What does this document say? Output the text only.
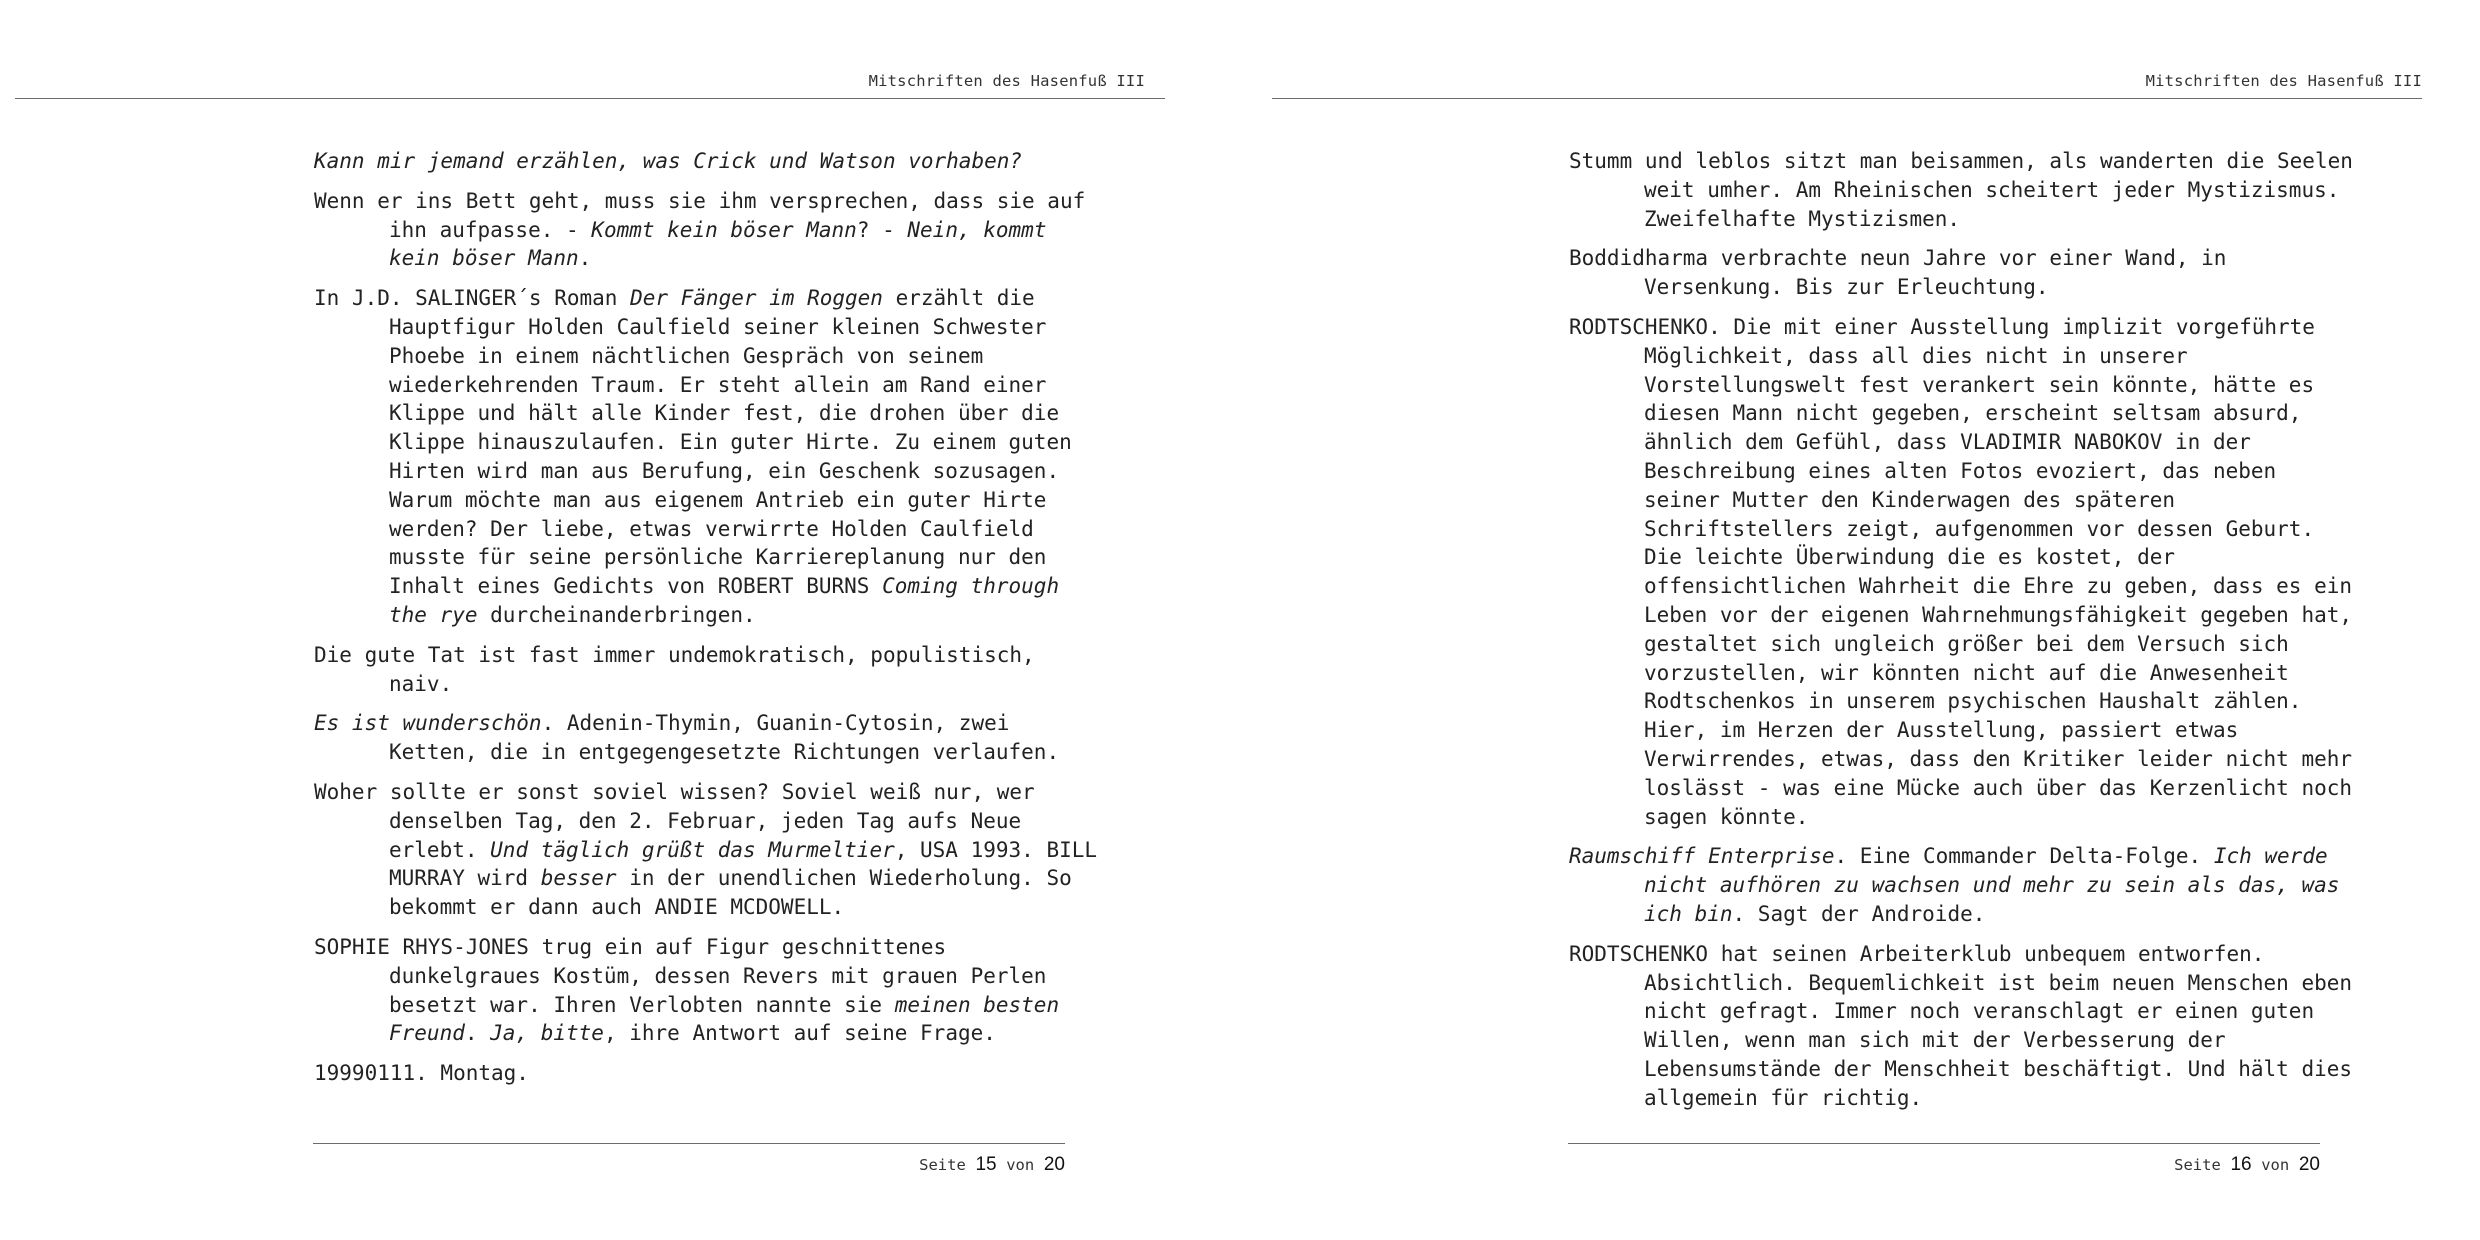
Mitschriften des Hasenfuß III

Kann mir jemand erzählen, was Crick und Watson vorhaben?

Wenn er ins Bett geht, muss sie ihm versprechen, dass sie auf ihn aufpasse. - Kommt kein böser Mann? - Nein, kommt kein böser Mann.

In J.D. SALINGER´s Roman Der Fänger im Roggen erzählt die Hauptfigur Holden Caulfield seiner kleinen Schwester Phoebe in einem nächtlichen Gespräch von seinem wiederkehrenden Traum. Er steht allein am Rand einer Klippe und hält alle Kinder fest, die drohen über die Klippe hinauszulaufen. Ein guter Hirte. Zu einem guten Hirten wird man aus Berufung, ein Geschenk sozusagen. Warum möchte man aus eigenem Antrieb ein guter Hirte werden? Der liebe, etwas verwirrte Holden Caulfield musste für seine persönliche Karriereplanung nur den Inhalt eines Gedichts von ROBERT BURNS Coming through the rye durcheinanderbringen.

Die gute Tat ist fast immer undemokratisch, populistisch, naiv.

Es ist wunderschön. Adenin-Thymin, Guanin-Cytosin, zwei Ketten, die in entgegengesetzte Richtungen verlaufen.

Woher sollte er sonst soviel wissen? Soviel weiß nur, wer denselben Tag, den 2. Februar, jeden Tag aufs Neue erlebt. Und täglich grüßt das Murmeltier, USA 1993. BILL MURRAY wird besser in der unendlichen Wiederholung. So bekommt er dann auch ANDIE MCDOWELL.

SOPHIE RHYS-JONES trug ein auf Figur geschnittenes dunkelgraues Kostüm, dessen Revers mit grauen Perlen besetzt war. Ihren Verlobten nannte sie meinen besten Freund. Ja, bitte, ihre Antwort auf seine Frage.

19990111. Montag.

Seite 15 von 20
Mitschriften des Hasenfuß III

Stumm und leblos sitzt man beisammen, als wanderten die Seelen weit umher. Am Rheinischen scheitert jeder Mystizismus. Zweifelhafte Mystizismen.

Boddidharma verbrachte neun Jahre vor einer Wand, in Versenkung. Bis zur Erleuchtung.

RODTSCHENKO. Die mit einer Ausstellung implizit vorgeführte Möglichkeit, dass all dies nicht in unserer Vorstellungswelt fest verankert sein könnte, hätte es diesen Mann nicht gegeben, erscheint seltsam absurd, ähnlich dem Gefühl, dass VLADIMIR NABOKOV in der Beschreibung eines alten Fotos evoziert, das neben seiner Mutter den Kinderwagen des späteren Schriftstellers zeigt, aufgenommen vor dessen Geburt. Die leichte Überwindung die es kostet, der offensichtlichen Wahrheit die Ehre zu geben, dass es ein Leben vor der eigenen Wahrnehmungsfähigkeit gegeben hat, gestaltet sich ungleich größer bei dem Versuch sich vorzustellen, wir könnten nicht auf die Anwesenheit Rodtschenkos in unserem psychischen Haushalt zählen. Hier, im Herzen der Ausstellung, passiert etwas Verwirrendes, etwas, dass den Kritiker leider nicht mehr loslässt - was eine Mücke auch über das Kerzenlicht noch sagen könnte.

Raumschiff Enterprise. Eine Commander Delta-Folge. Ich werde nicht aufhören zu wachsen und mehr zu sein als das, was ich bin. Sagt der Androide.

RODTSCHENKO hat seinen Arbeiterklub unbequem entworfen. Absichtlich. Bequemlichkeit ist beim neuen Menschen eben nicht gefragt. Immer noch veranschlagt er einen guten Willen, wenn man sich mit der Verbesserung der Lebensumstände der Menschheit beschäftigt. Und hält dies allgemein für richtig.

Seite 16 von 20
